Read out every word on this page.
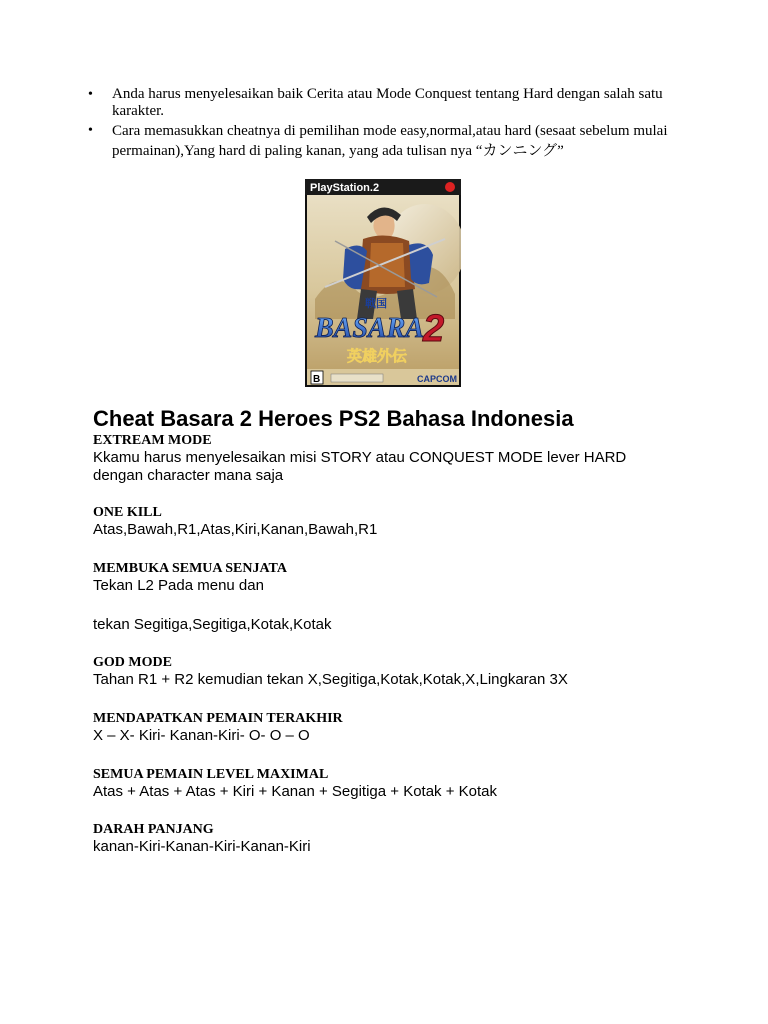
• Anda harus menyelesaikan baik Cerita atau Mode Conquest tentang Hard dengan salah satu karakter.
• Cara memasukkan cheatnya di pemilihan mode easy,normal,atau hard (sesaat sebelum mulai permainan),Yang hard di paling kanan, yang ada tulisan nya “カンニング”
PlayStation.2
戦国
BASARA 2
英雄外伝
B	CAPCOM
Cheat Basara 2 Heroes PS2 Bahasa Indonesia

EXTREAM MODE

Kkamu harus menyelesaikan misi STORY atau CONQUEST MODE lever HARD dengan character mana saja

ONE KILL

Atas,Bawah,R1,Atas,Kiri,Kanan,Bawah,R1

MEMBUKA SEMUA SENJATA

Tekan L2 Pada menu dan

tekan Segitiga,Segitiga,Kotak,Kotak

GOD MODE

Tahan R1 + R2 kemudian tekan X,Segitiga,Kotak,Kotak,X,Lingkaran 3X

MENDAPATKAN PEMAIN TERAKHIR

X – X- Kiri- Kanan-Kiri- O- O – O

SEMUA PEMAIN LEVEL MAXIMAL

Atas + Atas + Atas + Kiri + Kanan + Segitiga + Kotak + Kotak

DARAH PANJANG

kanan-Kiri-Kanan-Kiri-Kanan-Kiri
